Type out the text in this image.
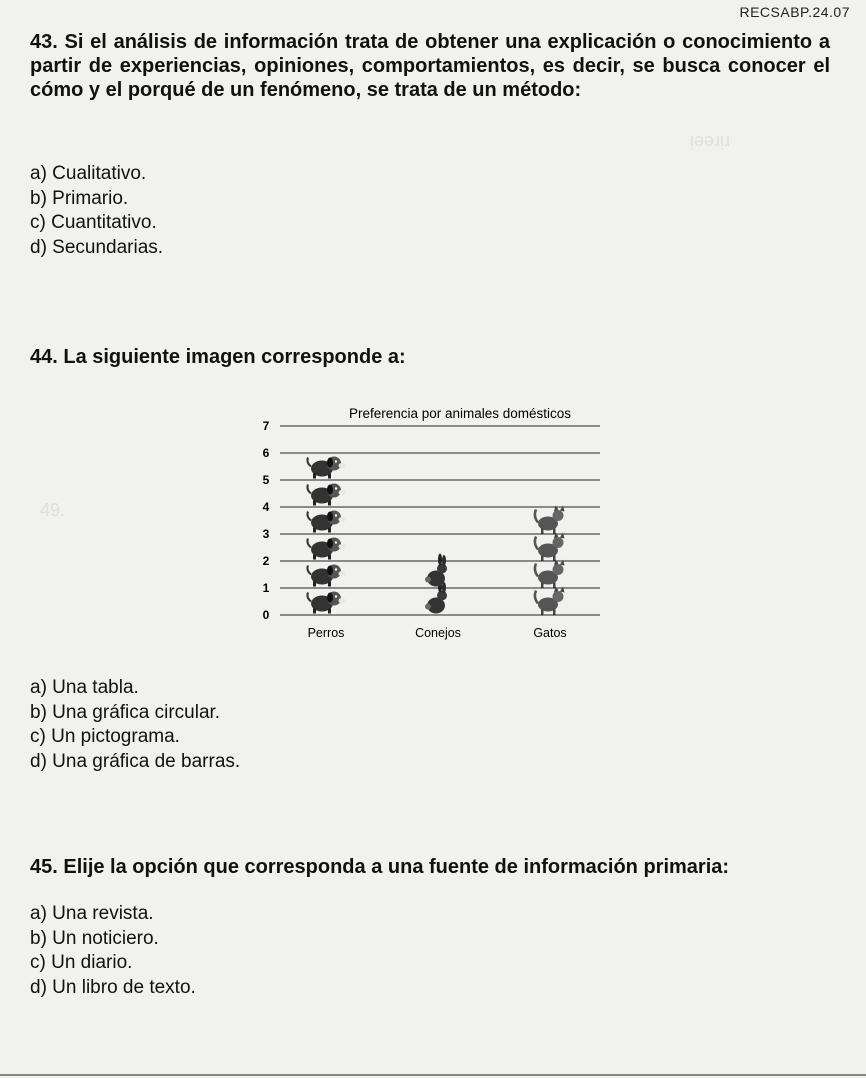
RECSABP.24.07
ᴉǝǝɹᴉɹ
49.
43. Si el análisis de información trata de obtener una explicación o conocimiento a partir de experiencias, opiniones, comportamientos, es decir, se busca conocer el cómo y el porqué de un fenómeno, se trata de un método:
a) Cualitativo.
b) Primario.
c) Cuantitativo.
d) Secundarias.
44. La siguiente imagen corresponde a:
Preferencia por animales domésticos
0
1
2
3
4
5
6
7
Perros	Conejos	Gatos
a) Una tabla.
b) Una gráfica circular.
c) Un pictograma.
d) Una gráfica de barras.
45. Elije la opción que corresponda a una fuente de información primaria:
a) Una revista.
b) Un noticiero.
c) Un diario.
d) Un libro de texto.
